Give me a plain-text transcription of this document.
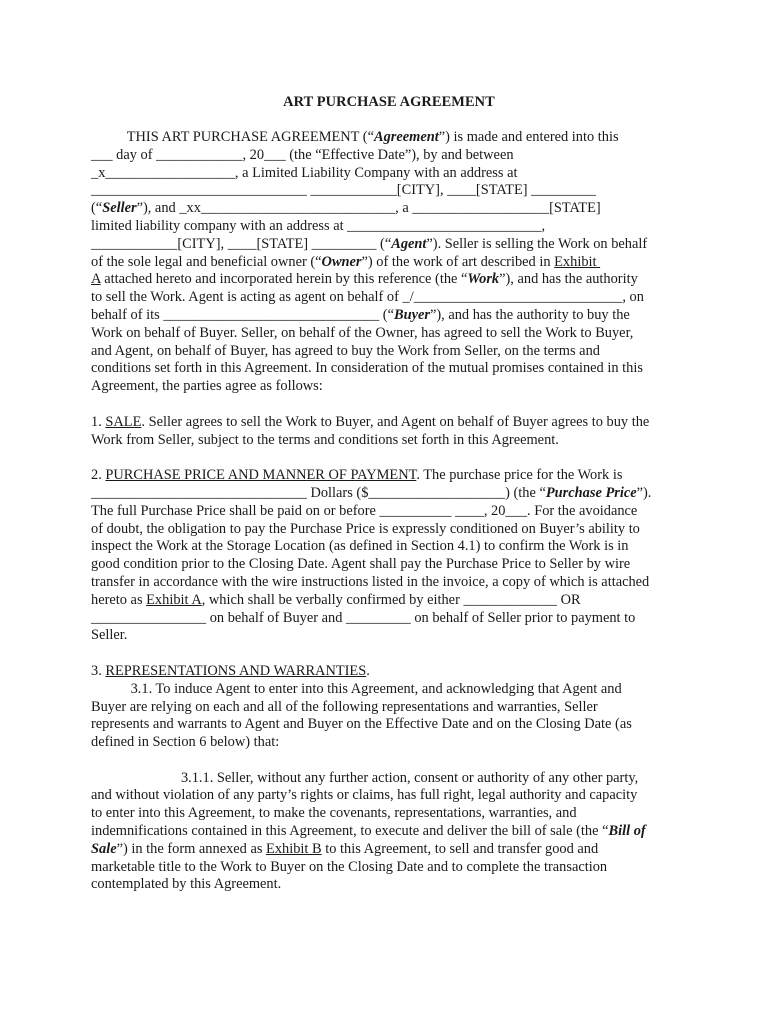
ART PURCHASE AGREEMENT
THIS ART PURCHASE AGREEMENT (“Agreement”) is made and entered into this
___ day of ____________, 20___ (the “Effective Date”), by and between
_x__________________, a Limited Liability Company with an address at
______________________________ ____________[CITY], ____[STATE] _________
(“Seller”), and _xx___________________________, a ___________________[STATE]
limited liability company with an address at ___________________________,
____________[CITY], ____[STATE] _________ (“Agent”). Seller is selling the Work on behalf
of the sole legal and beneficial owner (“Owner”) of the work of art described in Exhibit
A attached hereto and incorporated herein by this reference (the “Work”), and has the authority
to sell the Work. Agent is acting as agent on behalf of _/_____________________________, on
behalf of its ______________________________ (“Buyer”), and has the authority to buy the
Work on behalf of Buyer. Seller, on behalf of the Owner, has agreed to sell the Work to Buyer,
and Agent, on behalf of Buyer, has agreed to buy the Work from Seller, on the terms and
conditions set forth in this Agreement. In consideration of the mutual promises contained in this
Agreement, the parties agree as follows:
1. SALE. Seller agrees to sell the Work to Buyer, and Agent on behalf of Buyer agrees to buy the
Work from Seller, subject to the terms and conditions set forth in this Agreement.
2. PURCHASE PRICE AND MANNER OF PAYMENT. The purchase price for the Work is
______________________________ Dollars ($___________________) (the “Purchase Price”).
The full Purchase Price shall be paid on or before __________ ____, 20___. For the avoidance
of doubt, the obligation to pay the Purchase Price is expressly conditioned on Buyer’s ability to
inspect the Work at the Storage Location (as defined in Section 4.1) to confirm the Work is in
good condition prior to the Closing Date. Agent shall pay the Purchase Price to Seller by wire
transfer in accordance with the wire instructions listed in the invoice, a copy of which is attached
hereto as Exhibit A, which shall be verbally confirmed by either _____________ OR
________________ on behalf of Buyer and _________ on behalf of Seller prior to payment to
Seller.
3. REPRESENTATIONS AND WARRANTIES.
3.1. To induce Agent to enter into this Agreement, and acknowledging that Agent and
Buyer are relying on each and all of the following representations and warranties, Seller
represents and warrants to Agent and Buyer on the Effective Date and on the Closing Date (as
defined in Section 6 below) that:
3.1.1. Seller, without any further action, consent or authority of any other party,
and without violation of any party’s rights or claims, has full right, legal authority and capacity
to enter into this Agreement, to make the covenants, representations, warranties, and
indemnifications contained in this Agreement, to execute and deliver the bill of sale (the “Bill of
Sale”) in the form annexed as Exhibit B to this Agreement, to sell and transfer good and
marketable title to the Work to Buyer on the Closing Date and to complete the transaction
contemplated by this Agreement.
